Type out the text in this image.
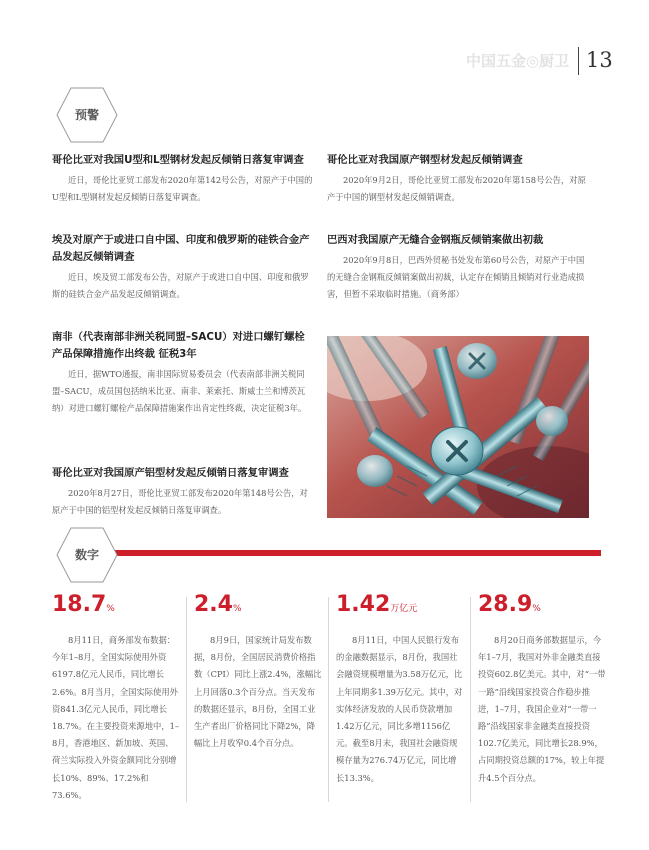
中国五金◎厨卫 13
预警
哥伦比亚对我国U型和L型钢材发起反倾销日落复审调查

近日，哥伦比亚贸工部发布2020年第142号公告，对原产于中国的U型和L型钢材发起反倾销日落复审调查。

埃及对原产于或进口自中国、印度和俄罗斯的硅铁合金产品发起反倾销调查

近日，埃及贸工部发布公告，对原产于或进口自中国、印度和俄罗斯的硅铁合金产品发起反倾销调查。

南非（代表南部非洲关税同盟–SACU）对进口螺钉螺栓产品保障措施作出终裁 征税3年

近日，据WTO通报，南非国际贸易委员会（代表南部非洲关税同盟–SACU，成员国包括纳米比亚、南非、莱索托、斯威士兰和博茨瓦纳）对进口螺钉螺栓产品保障措施案作出肯定性终裁，决定征税3年。

哥伦比亚对我国原产铝型材发起反倾销日落复审调查

2020年8月27日，哥伦比亚贸工部发布2020年第148号公告，对原产于中国的铝型材发起反倾销日落复审调查。

哥伦比亚对我国原产钢型材发起反倾销调查

2020年9月2日，哥伦比亚贸工部发布2020年第158号公告，对原产于中国的钢型材发起反倾销调查。

巴西对我国原产无缝合金钢瓶反倾销案做出初裁

2020年9月8日，巴西外贸秘书处发布第60号公告，对原产于中国的无缝合金钢瓶反倾销案做出初裁，认定存在倾销且倾销对行业造成损害，但暂不采取临时措施。（商务部）

数字
18.7%

8月11日，商务部发布数据：今年1–8月，全国实际使用外资6197.8亿元人民币，同比增长2.6%。8月当月，全国实际使用外资841.3亿元人民币，同比增长18.7%。在主要投资来源地中，1–8月，香港地区、新加坡、英国、荷兰实际投入外资金额同比分别增长10%、89%、17.2%和73.6%。

2.4%

8月9日，国家统计局发布数据，8月份，全国居民消费价格指数（CPI）同比上涨2.4%，涨幅比上月回落0.3个百分点。当天发布的数据还显示，8月份，全国工业生产者出厂价格同比下降2%，降幅比上月收窄0.4个百分点。

1.42万亿元

8月11日，中国人民银行发布的金融数据显示，8月份，我国社会融资规模增量为3.58万亿元，比上年同期多1.39万亿元。其中，对实体经济发放的人民币贷款增加1.42万亿元，同比多增1156亿元。截至8月末，我国社会融资规模存量为276.74万亿元，同比增长13.3%。

28.9%

8月20日商务部数据显示，今年1–7月，我国对外非金融类直接投资602.8亿美元。其中，对“一带一路”沿线国家投资合作稳步推进，1–7月，我国企业对“一带一路”沿线国家非金融类直接投资102.7亿美元，同比增长28.9%，占同期投资总额的17%，较上年提升4.5个百分点。
